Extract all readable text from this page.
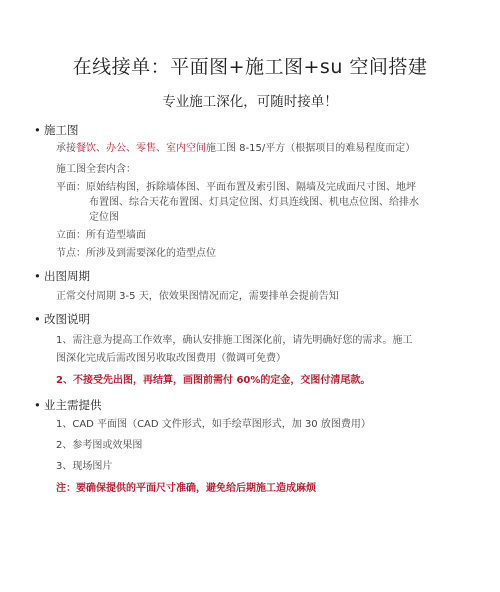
在线接单：平面图+施工图+su 空间搭建
专业施工深化，可随时接单！
• 施工图
承接餐饮、办公、零售、室内空间施工图 8-15/平方（根据项目的难易程度而定）
施工图全套内含：
平面：原始结构图，拆除墙体图、平面布置及索引图、隔墙及完成面尺寸图、地坪
布置图、综合天花布置图、灯具定位图、灯具连线图、机电点位图、给排水
定位图
立面：所有造型墙面
节点：所涉及到需要深化的造型点位
• 出图周期
正常交付周期 3-5 天，依效果图情况而定，需要排单会提前告知
• 改图说明
1、需注意为提高工作效率，确认安排施工图深化前，请先明确好您的需求。施工
图深化完成后需改图另收取改图费用（微调可免费）
2、不接受先出图，再结算，画图前需付 60%的定金，交图付清尾款。
• 业主需提供
1、CAD 平面图（CAD 文件形式，如手绘草图形式，加 30 放图费用）
2、参考图或效果图
3、现场图片
注：要确保提供的平面尺寸准确，避免给后期施工造成麻烦
